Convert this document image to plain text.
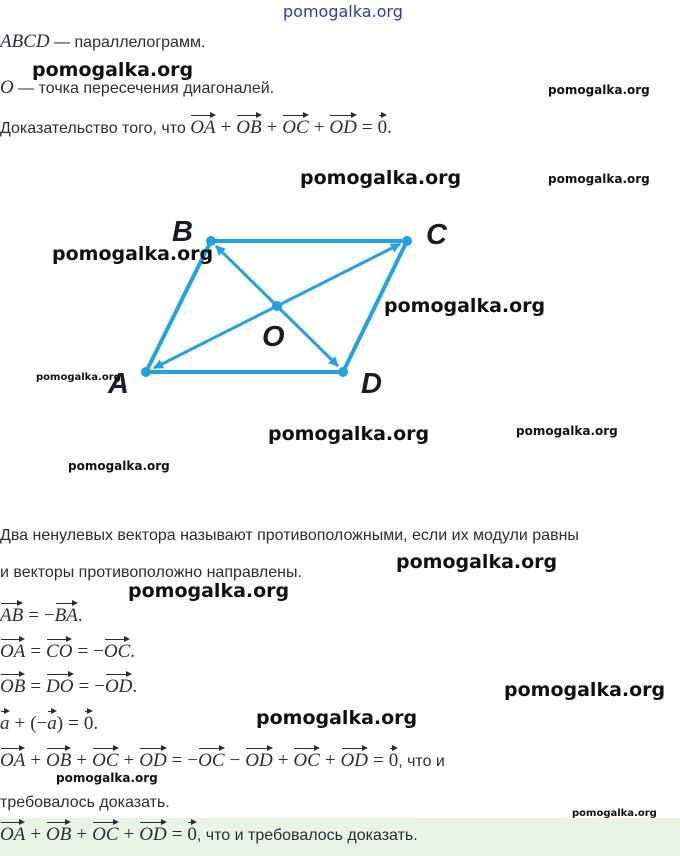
pomogalka.org
ABCD — параллелограмм.
O — точка пересечения диагоналей.
Доказательство того, что OA + OB + OC + OD = 0.
A
B	C
D
O
Два ненулевых вектора называют противоположными, если их модули равны
и векторы противоположно направлены.
AB = −BA.
OA = CO = −OC.
OB = DO = −OD.
a + (−a) = 0.
OA + OB + OC + OD = −OC − OD + OC + OD = 0, что и
требовалось доказать.
OA + OB + OC + OD = 0, что и требовалось доказать.
pomogalka.org
pomogalka.org
pomogalka.org	pomogalka.org
pomogalka.org
pomogalka.org
pomogalka.org
pomogalka.org	pomogalka.org
pomogalka.org
pomogalka.org
pomogalka.org
pomogalka.org
pomogalka.org
pomogalka.org
pomogalka.org
